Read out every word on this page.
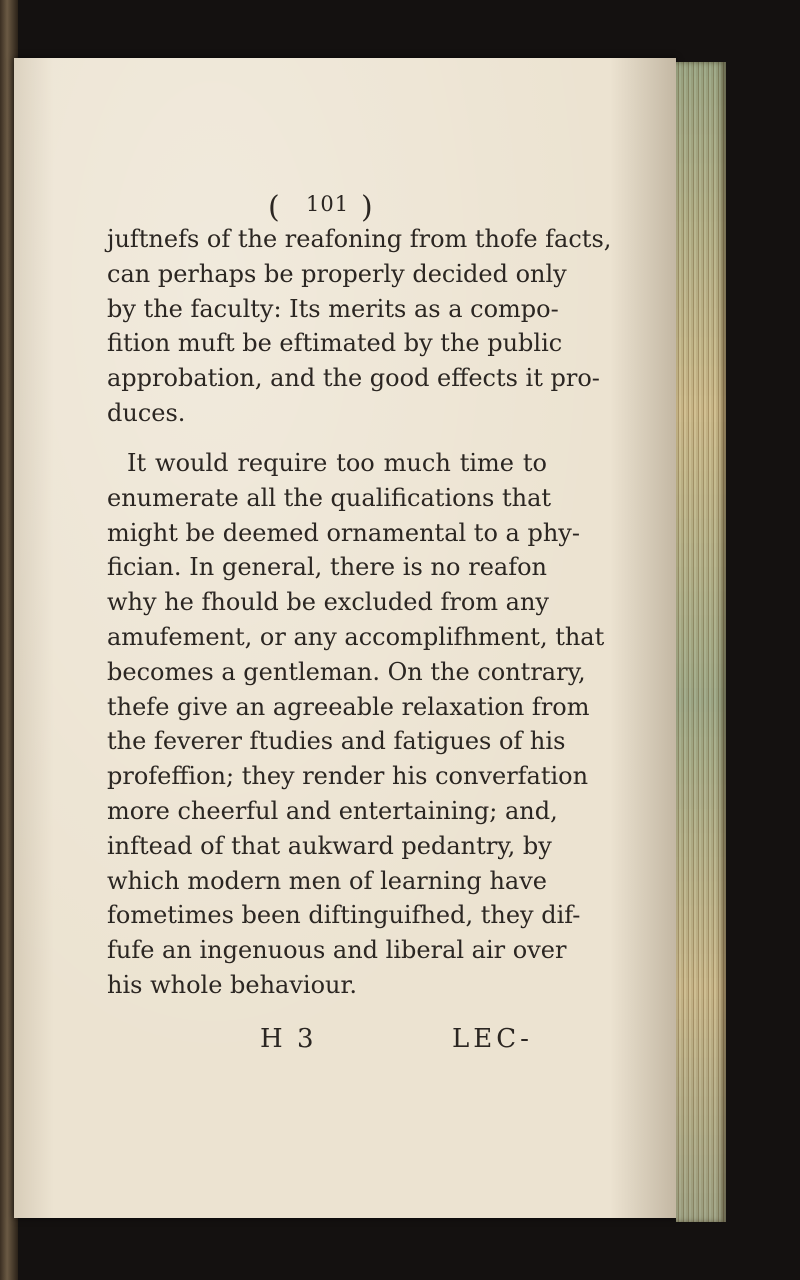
( 101 )
juftnefs of the reafoning from thofe facts,
can perhaps be properly decided only
by the faculty: Its merits as a compo-
fition muft be eftimated by the public
approbation, and the good effects it pro-
duces.
It would require too much time to
enumerate all the qualifications that
might be deemed ornamental to a phy-
fician. In general, there is no reafon
why he fhould be excluded from any
amufement, or any accomplifhment, that
becomes a gentleman. On the contrary,
thefe give an agreeable relaxation from
the feverer ftudies and fatigues of his
profeffion; they render his converfation
more cheerful and entertaining; and,
inftead of that aukward pedantry, by
which modern men of learning have
fometimes been diftinguifhed, they dif-
fufe an ingenuous and liberal air over
his whole behaviour.
H 3	LEC-
